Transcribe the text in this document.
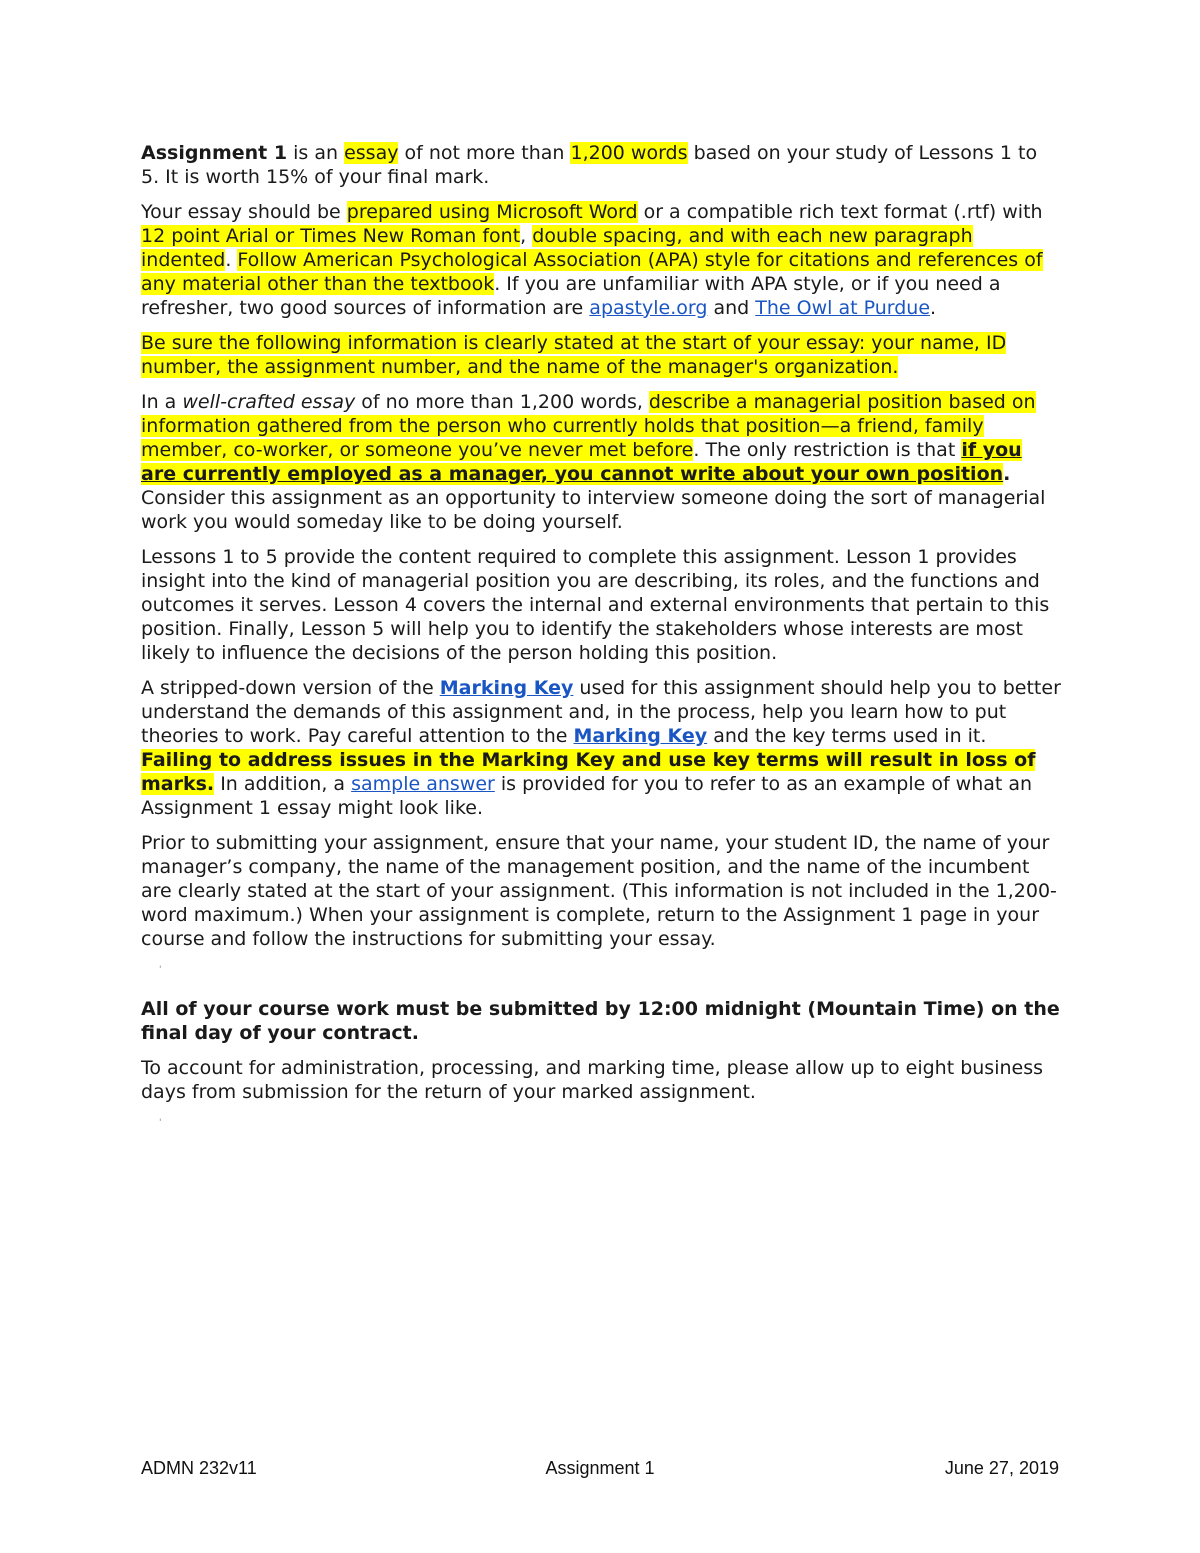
Assignment 1 is an essay of not more than 1,200 words based on your study of Lessons 1 to 5. It is worth 15% of your final mark.

Your essay should be prepared using Microsoft Word or a compatible rich text format (.rtf) with 12 point Arial or Times New Roman font, double spacing, and with each new paragraph indented. Follow American Psychological Association (APA) style for citations and references of any material other than the textbook. If you are unfamiliar with APA style, or if you need a refresher, two good sources of information are apastyle.org and The Owl at Purdue.

Be sure the following information is clearly stated at the start of your essay: your name, ID number, the assignment number, and the name of the manager's organization.

In a well-crafted essay of no more than 1,200 words, describe a managerial position based on information gathered from the person who currently holds that position—a friend, family member, co-worker, or someone you’ve never met before. The only restriction is that if you are currently employed as a manager, you cannot write about your own position. Consider this assignment as an opportunity to interview someone doing the sort of managerial work you would someday like to be doing yourself.

Lessons 1 to 5 provide the content required to complete this assignment. Lesson 1 provides insight into the kind of managerial position you are describing, its roles, and the functions and outcomes it serves. Lesson 4 covers the internal and external environments that pertain to this position. Finally, Lesson 5 will help you to identify the stakeholders whose interests are most likely to influence the decisions of the person holding this position.

A stripped-down version of the Marking Key used for this assignment should help you to better understand the demands of this assignment and, in the process, help you learn how to put theories to work. Pay careful attention to the Marking Key and the key terms used in it. Failing to address issues in the Marking Key and use key terms will result in loss of marks. In addition, a sample answer is provided for you to refer to as an example of what an Assignment 1 essay might look like.

Prior to submitting your assignment, ensure that your name, your student ID, the name of your manager’s company, the name of the management position, and the name of the incumbent are clearly stated at the start of your assignment. (This information is not included in the 1,200-word maximum.) When your assignment is complete, return to the Assignment 1 page in your course and follow the instructions for submitting your essay.

'

All of your course work must be submitted by 12:00 midnight (Mountain Time) on the final day of your contract.

To account for administration, processing, and marking time, please allow up to eight business days from submission for the return of your marked assignment.

'
ADMN 232v11	Assignment 1	June 27, 2019
